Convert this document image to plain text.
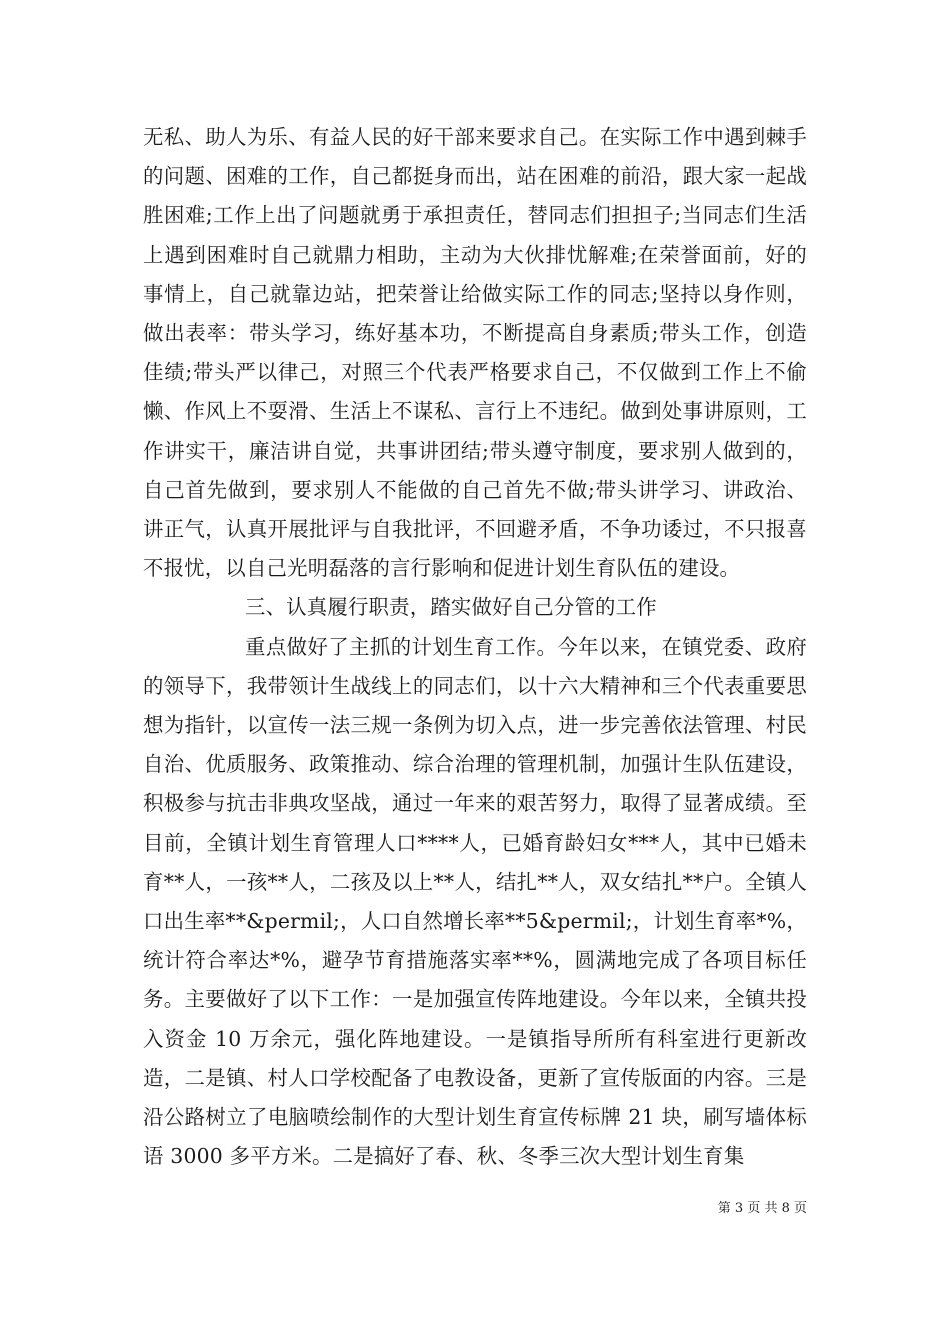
无私、助人为乐、有益人民的好干部来要求自己。在实际工作中遇到棘手的问题、困难的工作，自己都挺身而出，站在困难的前沿，跟大家一起战胜困难;工作上出了问题就勇于承担责任，替同志们担担子;当同志们生活上遇到困难时自己就鼎力相助，主动为大伙排忧解难;在荣誉面前，好的事情上，自己就靠边站，把荣誉让给做实际工作的同志;坚持以身作则，做出表率：带头学习，练好基本功，不断提高自身素质;带头工作，创造佳绩;带头严以律己，对照三个代表严格要求自己，不仅做到工作上不偷懒、作风上不耍滑、生活上不谋私、言行上不违纪。做到处事讲原则，工作讲实干，廉洁讲自觉，共事讲团结;带头遵守制度，要求别人做到的，自己首先做到，要求别人不能做的自己首先不做;带头讲学习、讲政治、讲正气，认真开展批评与自我批评，不回避矛盾，不争功诿过，不只报喜不报忧，以自己光明磊落的言行影响和促进计划生育队伍的建设。

三、认真履行职责，踏实做好自己分管的工作

重点做好了主抓的计划生育工作。今年以来，在镇党委、政府的领导下，我带领计生战线上的同志们，以十六大精神和三个代表重要思想为指针，以宣传一法三规一条例为切入点，进一步完善依法管理、村民自治、优质服务、政策推动、综合治理的管理机制，加强计生队伍建设，积极参与抗击非典攻坚战，通过一年来的艰苦努力，取得了显著成绩。至目前，全镇计划生育管理人口****人，已婚育龄妇女***人，其中已婚未育**人，一孩**人，二孩及以上**人，结扎**人，双女结扎**户。全镇人口出生率**&permil;，人口自然增长率**5&permil;，计划生育率*%，统计符合率达*%，避孕节育措施落实率**%，圆满地完成了各项目标任务。主要做好了以下工作：一是加强宣传阵地建设。今年以来，全镇共投入资金 10 万余元，强化阵地建设。一是镇指导所所有科室进行更新改造，二是镇、村人口学校配备了电教设备，更新了宣传版面的内容。三是沿公路树立了电脑喷绘制作的大型计划生育宣传标牌 21 块，刷写墙体标语 3000 多平方米。二是搞好了春、秋、冬季三次大型计划生育集

第 3 页 共 8 页
